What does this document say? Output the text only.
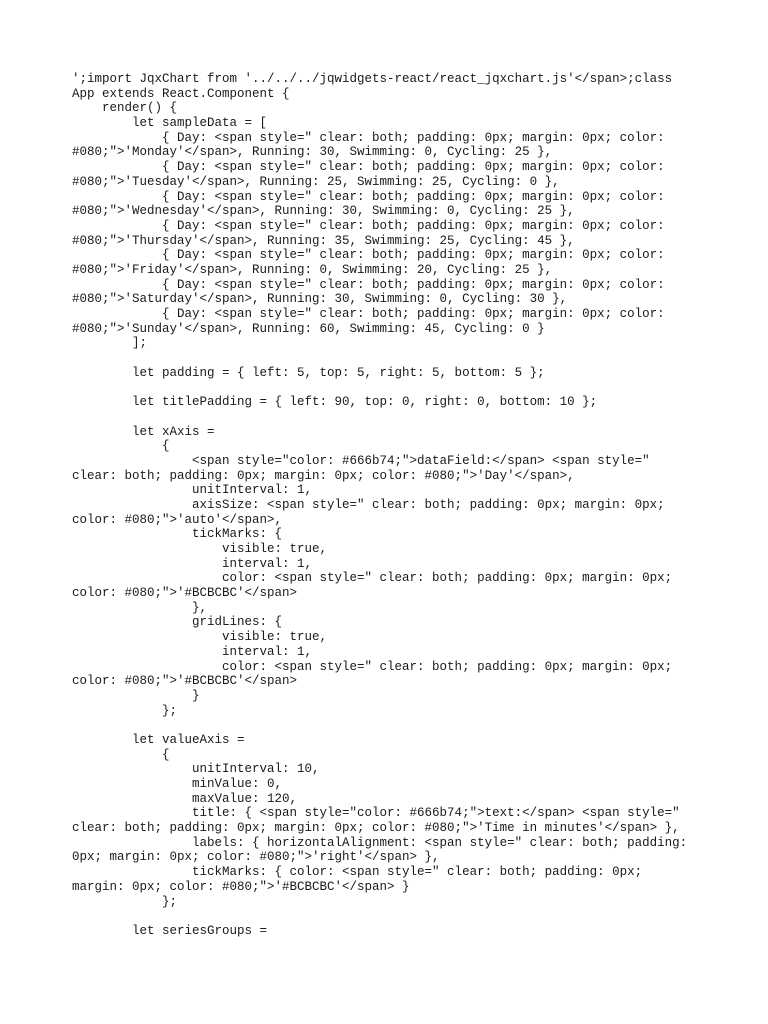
';import JqxChart from '../../../jqwidgets-react/react_jqxchart.js'</span>;class
App extends React.Component {
render() {
let sampleData = [
{ Day: <span style=" clear: both; padding: 0px; margin: 0px; color:
#080;">'Monday'</span>, Running: 30, Swimming: 0, Cycling: 25 },
{ Day: <span style=" clear: both; padding: 0px; margin: 0px; color:
#080;">'Tuesday'</span>, Running: 25, Swimming: 25, Cycling: 0 },
{ Day: <span style=" clear: both; padding: 0px; margin: 0px; color:
#080;">'Wednesday'</span>, Running: 30, Swimming: 0, Cycling: 25 },
{ Day: <span style=" clear: both; padding: 0px; margin: 0px; color:
#080;">'Thursday'</span>, Running: 35, Swimming: 25, Cycling: 45 },
{ Day: <span style=" clear: both; padding: 0px; margin: 0px; color:
#080;">'Friday'</span>, Running: 0, Swimming: 20, Cycling: 25 },
{ Day: <span style=" clear: both; padding: 0px; margin: 0px; color:
#080;">'Saturday'</span>, Running: 30, Swimming: 0, Cycling: 30 },
{ Day: <span style=" clear: both; padding: 0px; margin: 0px; color:
#080;">'Sunday'</span>, Running: 60, Swimming: 45, Cycling: 0 }
];
let padding = { left: 5, top: 5, right: 5, bottom: 5 };
let titlePadding = { left: 90, top: 0, right: 0, bottom: 10 };
let xAxis =
{
<span style="color: #666b74;">dataField:</span> <span style="
clear: both; padding: 0px; margin: 0px; color: #080;">'Day'</span>,
unitInterval: 1,
axisSize: <span style=" clear: both; padding: 0px; margin: 0px;
color: #080;">'auto'</span>,
tickMarks: {
visible: true,
interval: 1,
color: <span style=" clear: both; padding: 0px; margin: 0px;
color: #080;">'#BCBCBC'</span>
},
gridLines: {
visible: true,
interval: 1,
color: <span style=" clear: both; padding: 0px; margin: 0px;
color: #080;">'#BCBCBC'</span>
}
};
let valueAxis =
{
unitInterval: 10,
minValue: 0,
maxValue: 120,
title: { <span style="color: #666b74;">text:</span> <span style="
clear: both; padding: 0px; margin: 0px; color: #080;">'Time in minutes'</span> },
labels: { horizontalAlignment: <span style=" clear: both; padding:
0px; margin: 0px; color: #080;">'right'</span> },
tickMarks: { color: <span style=" clear: both; padding: 0px;
margin: 0px; color: #080;">'#BCBCBC'</span> }
};
let seriesGroups =
